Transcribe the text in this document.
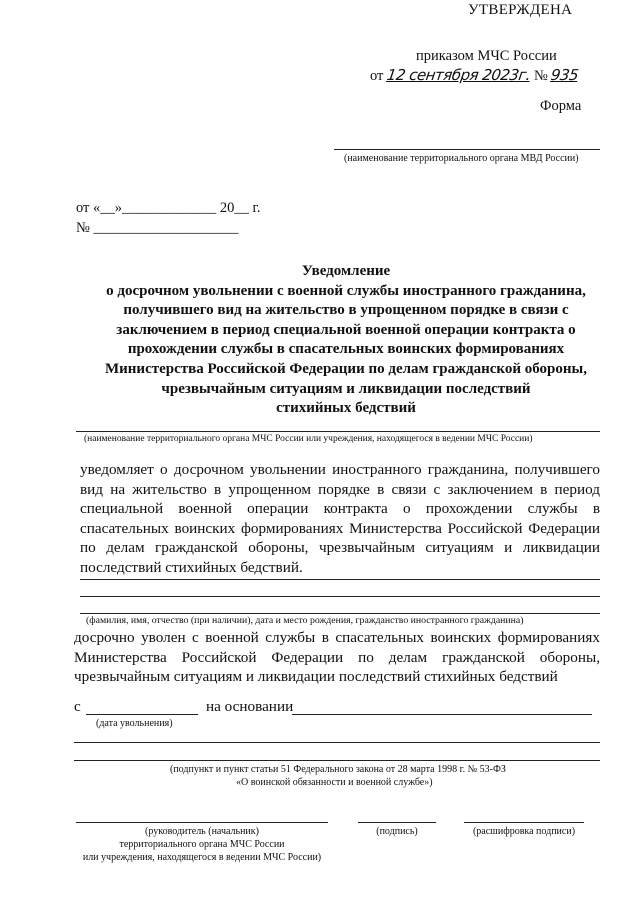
УТВЕРЖДЕНА
приказом МЧС России
от 12 сентября 2023г. № 935
Форма
(наименование территориального органа МВД России)
от «__»_____________ 20__ г.
№ ____________________
Уведомление
о досрочном увольнении с военной службы иностранного гражданина,
получившего вид на жительство в упрощенном порядке в связи с
заключением в период специальной военной операции контракта о
прохождении службы в спасательных воинских формированиях
Министерства Российской Федерации по делам гражданской обороны,
чрезвычайным ситуациям и ликвидации последствий
стихийных бедствий
(наименование территориального органа МЧС России или учреждения, находящегося в ведении МЧС России)
уведомляет о досрочном увольнении иностранного гражданина, получившего вид на жительство в упрощенном порядке в связи с заключением в период специальной военной операции контракта о прохождении службы в спасательных воинских формированиях Министерства Российской Федерации по делам гражданской обороны, чрезвычайным ситуациям и ликвидации последствий стихийных бедствий.
(фамилия, имя, отчество (при наличии), дата и место рождения, гражданство иностранного гражданина)
досрочно уволен с военной службы в спасательных воинских формированиях Министерства Российской Федерации по делам гражданской обороны, чрезвычайным ситуациям и ликвидации последствий стихийных бедствий
с	на основании
(дата увольнения)
(подпункт и пункт статьи 51 Федерального закона от 28 марта 1998 г. № 53-ФЗ
«О воинской обязанности и военной службе»)
(руководитель (начальник)
территориального органа МЧС России
или учреждения, находящегося в ведении МЧС России)
(подпись)	(расшифровка подписи)
